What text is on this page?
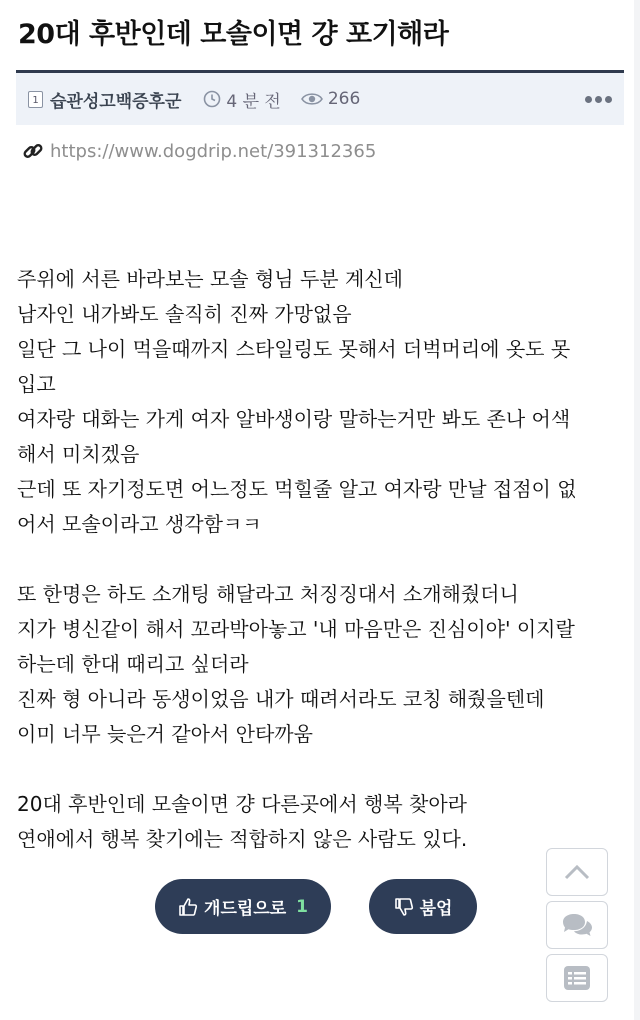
20대 후반인데 모솔이면 걍 포기해라
1 습관성고백증후군	4 분 전	266
https://www.dogdrip.net/391312365

주위에 서른 바라보는 모솔 형님 두분 계신데

남자인 내가봐도 솔직히 진짜 가망없음

일단 그 나이 먹을때까지 스타일링도 못해서 더벅머리에 옷도 못

입고

여자랑 대화는 가게 여자 알바생이랑 말하는거만 봐도 존나 어색

해서 미치겠음

근데 또 자기정도면 어느정도 먹힐줄 알고 여자랑 만날 접점이 없

어서 모솔이라고 생각함ㅋㅋ

또 한명은 하도 소개팅 해달라고 처징징대서 소개해줬더니

지가 병신같이 해서 꼬라박아놓고 '내 마음만은 진심이야' 이지랄

하는데 한대 때리고 싶더라

진짜 형 아니라 동생이었음 내가 때려서라도 코칭 해줬을텐데

이미 너무 늦은거 같아서 안타까움

20대 후반인데 모솔이면 걍 다른곳에서 행복 찾아라

연애에서 행복 찾기에는 적합하지 않은 사람도 있다.

개드립으로 1	붐업
